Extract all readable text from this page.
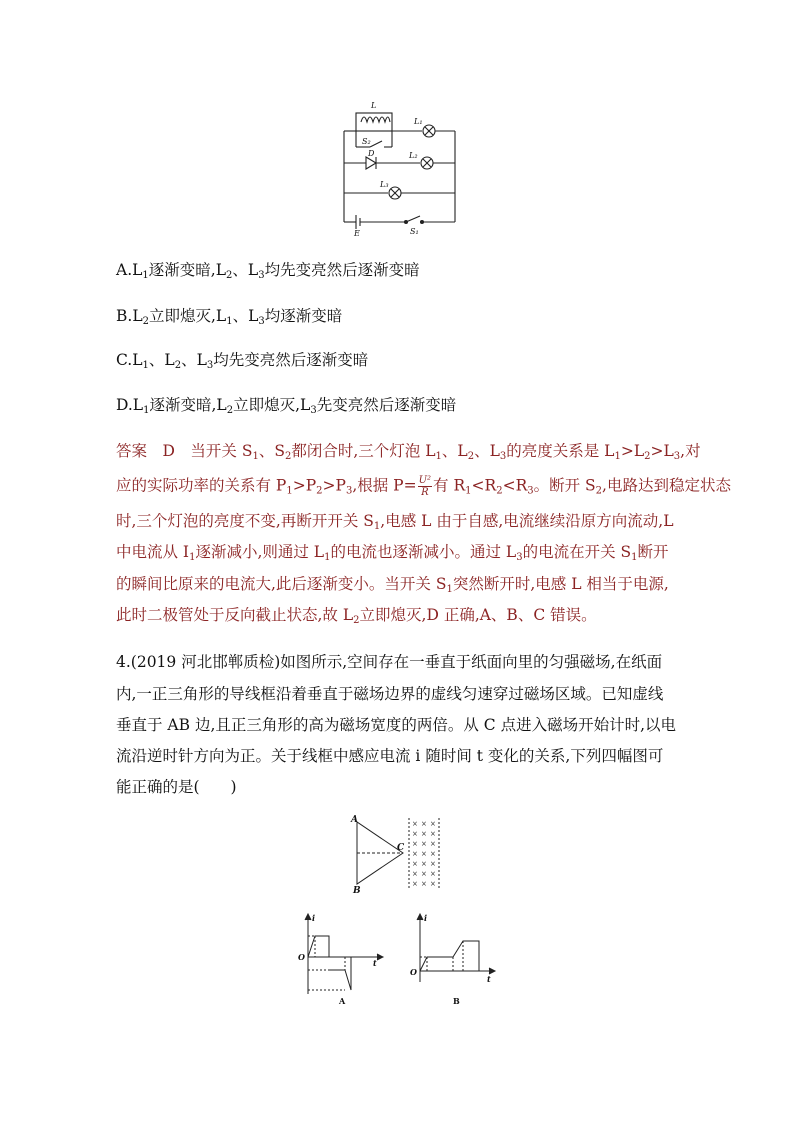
L
L₁
S₂
D	L₂
L₃
E	S₁
$A.L_1$逐渐变暗$,L_2$、$L_3$均先变亮然后逐渐变暗
$B.L_2$立即熄灭$,L_1$、$L_3$均逐渐变暗
$C.L_1$、$L_2$、$L_3$均先变亮然后逐渐变暗
$D.L_1$逐渐变暗$,L_2$立即熄灭$,L_3$先变亮然后逐渐变暗
答案　D　当开关 $S_1$、$S_2$都闭合时,三个灯泡 $L_1$、$L_2$、$L_3$的亮度关系是 $L_1>L_2>L_3$,对
应的实际功率的关系有 $P_1>P_2>P_3$,根据 $P= \frac{\text{U²}}{R}$ 有 $R_1<R_2<R_3$。断开 $S_2$,电路达到稳定状态
时,三个灯泡的亮度不变,再断开开关 $S_1$,电感 L 由于自感,电流继续沿原方向流动,L
中电流从 $I_1$逐渐减小,则通过 $L_1$的电流也逐渐减小。通过 $L_3$的电流在开关 $S_1$断开
的瞬间比原来的电流大,此后逐渐变小。当开关 $S_1$突然断开时,电感 L 相当于电源,
此时二极管处于反向截止状态,故 $L_2$立即熄灭,D 正确,A、B、C 错误。
4.(2019 河北邯郸质检)如图所示,空间存在一垂直于纸面向里的匀强磁场,在纸面
内,一正三角形的导线框沿着垂直于磁场边界的虚线匀速穿过磁场区域。已知虚线
垂直于 AB 边,且正三角形的高为磁场宽度的两倍。从 C 点进入磁场开始计时,以电
流沿逆时针方向为正。关于线框中感应电流 i 随时间 t 变化的关系,下列四幅图可
能正确的是(　　)
A
B
C
× × ×
× × ×
× × ×
× × ×
× × ×
× × ×
× × ×
i
t
O
A
i
t
O
B
